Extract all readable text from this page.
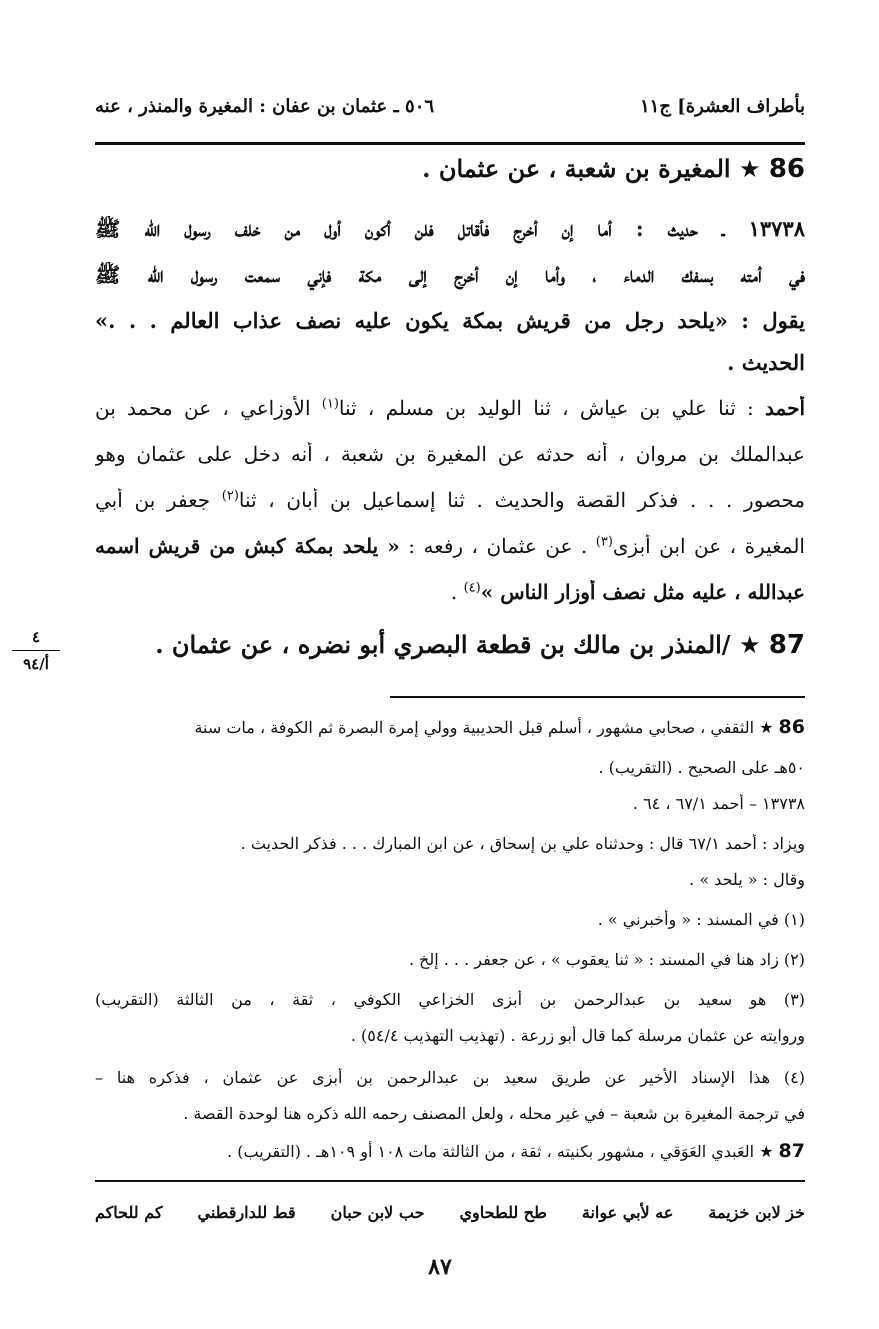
بأطراف العشرة] ج١١
٥٠٦ ـ عثمان بن عفان : المغيرة والمنذر ، عنه
86 ★ المغيرة بن شعبة ، عن عثمان .
١٣٧٣٨ ـ حديث : أما إن أخرج فأقاتل فلن أكون أول من خلف رسول الله ﷺ
في أمته بسفك الدماء ، وأما إن أخرج إلى مكة فإني سمعت رسول الله ﷺ
يقول : «يلحد رجل من قريش بمكة يكون عليه نصف عذاب العالم . . .»
الحديث .
أحمد : ثنا علي بن عياش ، ثنا الوليد بن مسلم ، ثنا$^{(١)}$ الأوزاعي ، عن محمد بن
عبدالملك بن مروان ، أنه حدثه عن المغيرة بن شعبة ، أنه دخل على عثمان وهو
محصور . . . فذكر القصة والحديث . ثنا إسماعيل بن أبان ، ثنا$^{(٢)}$ جعفر بن أبي
المغيرة ، عن ابن أبزى$^{(٣)}$ . عن عثمان ، رفعه : « يلحد بمكة كبش من قريش اسمه
عبدالله ، عليه مثل نصف أوزار الناس »$^{(٤)}$ .
87 ★ /المنذر بن مالك بن قطعة البصري أبو نضره ، عن عثمان .
٤
أ/٩٤
86 ★ الثقفي ، صحابي مشهور ، أسلم قبل الحديبية وولي إمرة البصرة ثم الكوفة ، مات سنة
٥٠هـ على الصحيح . (التقريب) .
١٣٧٣٨ – أحمد ٦٧/١ ، ٦٤ .
ويزاد : أحمد ٦٧/١ قال : وحدثناه علي بن إسحاق ، عن ابن المبارك . . . فذكر الحديث .
وقال : « يلحد » .
(١) في المسند : « وأخبرني » .
(٢) زاد هنا في المسند : « ثنا يعقوب » ، عن جعفر . . . إلخ .
(٣) هو سعيد بن عبدالرحمن بن أبزى الخزاعي الكوفي ، ثقة ، من الثالثة (التقريب)
وروايته عن عثمان مرسلة كما قال أبو زرعة . (تهذيب التهذيب ٥٤/٤) .
(٤) هذا الإسناد الأخير عن طريق سعيد بن عبدالرحمن بن أبزى عن عثمان ، فذكره هنا –
في ترجمة المغيرة بن شعبة – في غير محله ، ولعل المصنف رحمه الله ذكره هنا لوحدة القصة .
87 ★ العَبدي العَوَقي ، مشهور بكنيته ، ثقة ، من الثالثة مات ١٠٨ أو ١٠٩هـ . (التقريب) .
خز لابن خزيمة
عه لأبي عوانة
طح للطحاوي
حب لابن حبان
قط للدارقطني
كم للحاكم
٨٧
